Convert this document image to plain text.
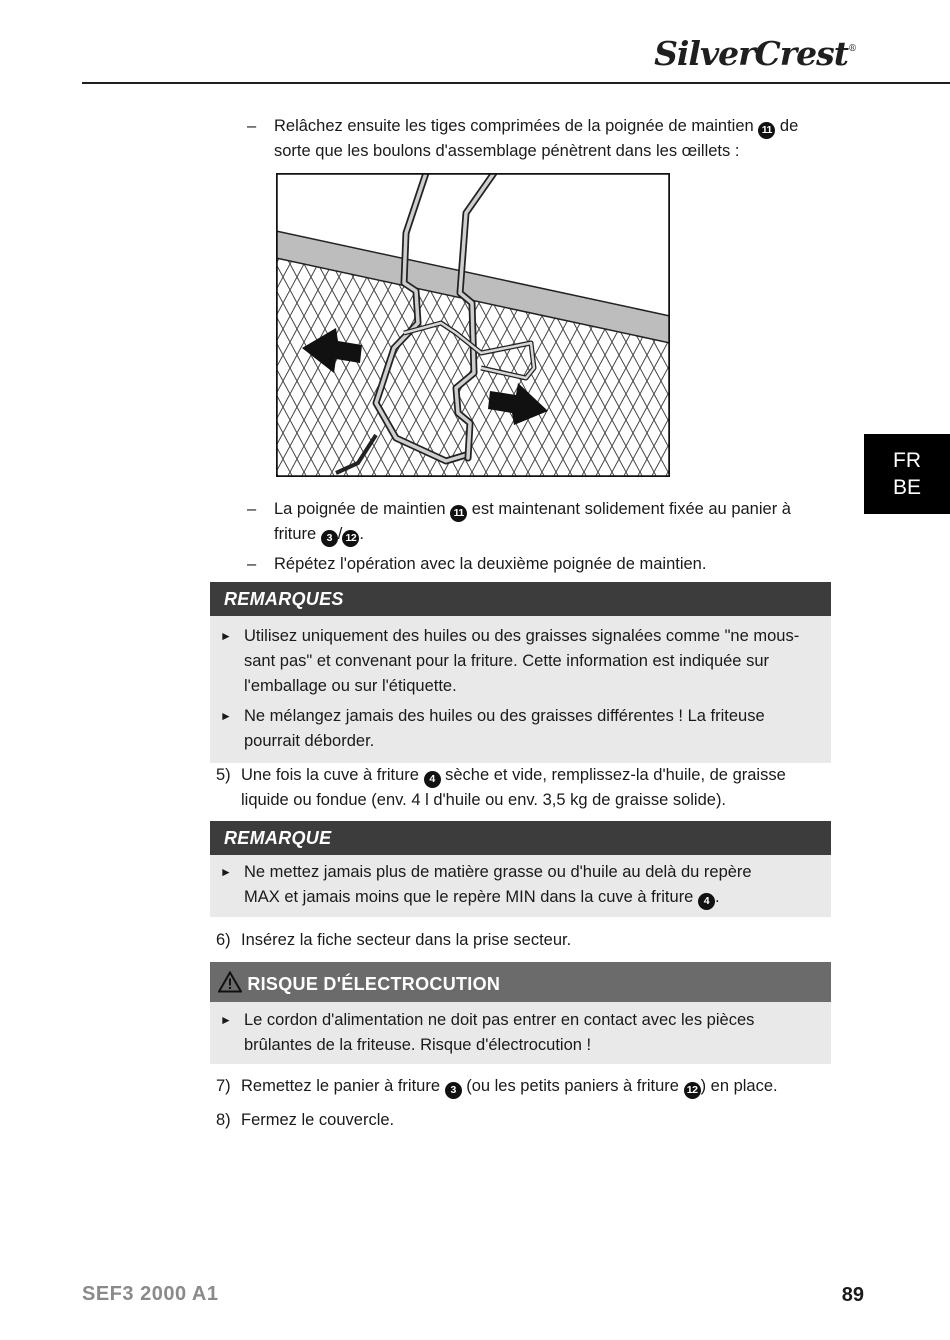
SilverCrest®
FR
BE
– Relâchez ensuite les tiges comprimées de la poignée de maintien 11 de
sorte que les boulons d'assemblage pénètrent dans les œillets :
– La poignée de maintien 11 est maintenant solidement fixée au panier à
friture 3 / 12 .
– Répétez l'opération avec la deuxième poignée de maintien.
REMARQUES
► Utilisez uniquement des huiles ou des graisses signalées comme "ne mous-
sant pas" et convenant pour la friture. Cette information est indiquée sur
l'emballage ou sur l'étiquette.
► Ne mélangez jamais des huiles ou des graisses différentes ! La friteuse
pourrait déborder.
5) Une fois la cuve à friture 4 sèche et vide, remplissez-la d'huile, de graisse
liquide ou fondue (env. 4 l d'huile ou env. 3,5 kg de graisse solide).
REMARQUE
► Ne mettez jamais plus de matière grasse ou d'huile au delà du repère
MAX et jamais moins que le repère MIN dans la cuve à friture 4 .
6) Insérez la fiche secteur dans la prise secteur.
RISQUE D'ÉLECTROCUTION
► Le cordon d'alimentation ne doit pas entrer en contact avec les pièces
brûlantes de la friteuse. Risque d'électrocution !
7) Remettez le panier à friture 3 (ou les petits paniers à friture 12 ) en place.
8) Fermez le couvercle.
SEF3 2000 A1	89
